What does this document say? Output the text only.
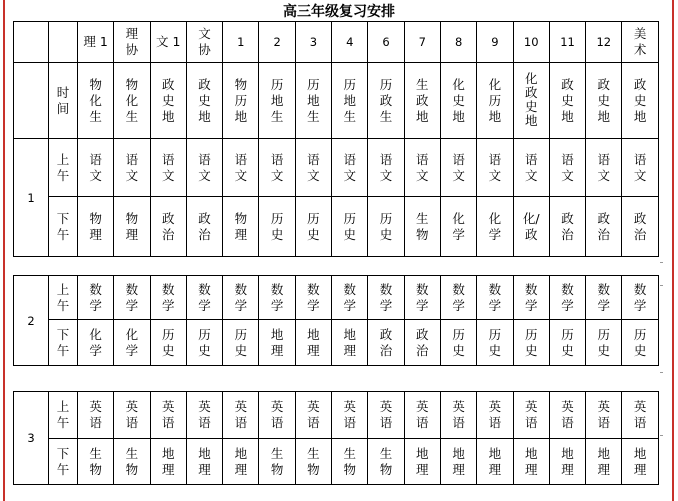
高三年级复习安排
		理 1	理协	文 1	文协	1	2	3	4	6	7	8	9	10	11	12	美术
	时间	物化生	物化生	政史地	政史地	物历地	历地生	历地生	历地生	历政生	生政地	化史地	化历地	化政史地	政史地	政史地	政史地
1	上午	语文	语文	语文	语文	语文	语文	语文	语文	语文	语文	语文	语文	语文	语文	语文	语文
	下午	物理	物理	政治	政治	物理	历史	历史	历史	历史	生物	化学	化学	化/政	政治	政治	政治
2	上午	数学	数学	数学	数学	数学	数学	数学	数学	数学	数学	数学	数学	数学	数学	数学	数学
	下午	化学	化学	历史	历史	历史	地理	地理	地理	政治	政治	历史	历史	历史	历史	历史	历史
3	上午	英语	英语	英语	英语	英语	英语	英语	英语	英语	英语	英语	英语	英语	英语	英语	英语
	下午	生物	生物	地理	地理	地理	生物	生物	生物	生物	地理	地理	地理	地理	地理	地理	地理
